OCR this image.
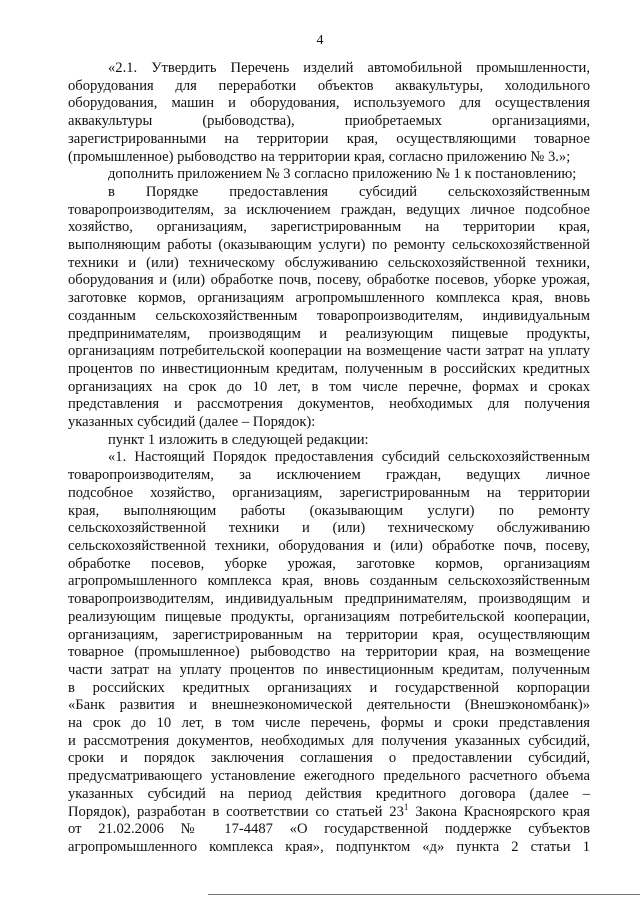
4
«2.1. Утвердить Перечень изделий автомобильной промышленности,
оборудования для переработки объектов аквакультуры, холодильного
оборудования, машин и оборудования, используемого для осуществления
аквакультуры (рыбоводства), приобретаемых организациями,
зарегистрированными на территории края, осуществляющими товарное
(промышленное) рыбоводство на территории края, согласно приложению № 3.»;
дополнить приложением № 3 согласно приложению № 1 к постановлению;
в Порядке предоставления субсидий сельскохозяйственным
товаропроизводителям, за исключением граждан, ведущих личное подсобное
хозяйство, организациям, зарегистрированным на территории края,
выполняющим работы (оказывающим услуги) по ремонту сельскохозяйственной
техники и (или) техническому обслуживанию сельскохозяйственной техники,
оборудования и (или) обработке почв, посеву, обработке посевов, уборке урожая,
заготовке кормов, организациям агропромышленного комплекса края, вновь
созданным сельскохозяйственным товаропроизводителям, индивидуальным
предпринимателям, производящим и реализующим пищевые продукты,
организациям потребительской кооперации на возмещение части затрат на уплату
процентов по инвестиционным кредитам, полученным в российских кредитных
организациях на срок до 10 лет, в том числе перечне, формах и сроках
представления и рассмотрения документов, необходимых для получения
указанных субсидий (далее – Порядок):
пункт 1 изложить в следующей редакции:
«1. Настоящий Порядок предоставления субсидий сельскохозяйственным
товаропроизводителям, за исключением граждан, ведущих личное
подсобное хозяйство, организациям, зарегистрированным на территории
края, выполняющим работы (оказывающим услуги) по ремонту
сельскохозяйственной техники и (или) техническому обслуживанию
сельскохозяйственной техники, оборудования и (или) обработке почв, посеву,
обработке посевов, уборке урожая, заготовке кормов, организациям
агропромышленного комплекса края, вновь созданным сельскохозяйственным
товаропроизводителям, индивидуальным предпринимателям, производящим и
реализующим пищевые продукты, организациям потребительской кооперации,
организациям, зарегистрированным на территории края, осуществляющим
товарное (промышленное) рыбоводство на территории края, на возмещение
части затрат на уплату процентов по инвестиционным кредитам, полученным
в российских кредитных организациях и государственной корпорации
«Банк развития и внешнеэкономической деятельности (Внешэкономбанк)»
на срок до 10 лет, в том числе перечень, формы и сроки представления
и рассмотрения документов, необходимых для получения указанных субсидий,
сроки и порядок заключения соглашения о предоставлении субсидий,
предусматривающего установление ежегодного предельного расчетного объема
указанных субсидий на период действия кредитного договора (далее –
Порядок), разработан в соответствии со статьей $23^1$ Закона Красноярского края
от 21.02.2006 № 17-4487 «О государственной поддержке субъектов
агропромышленного комплекса края», подпунктом «д» пункта 2 статьи 1
